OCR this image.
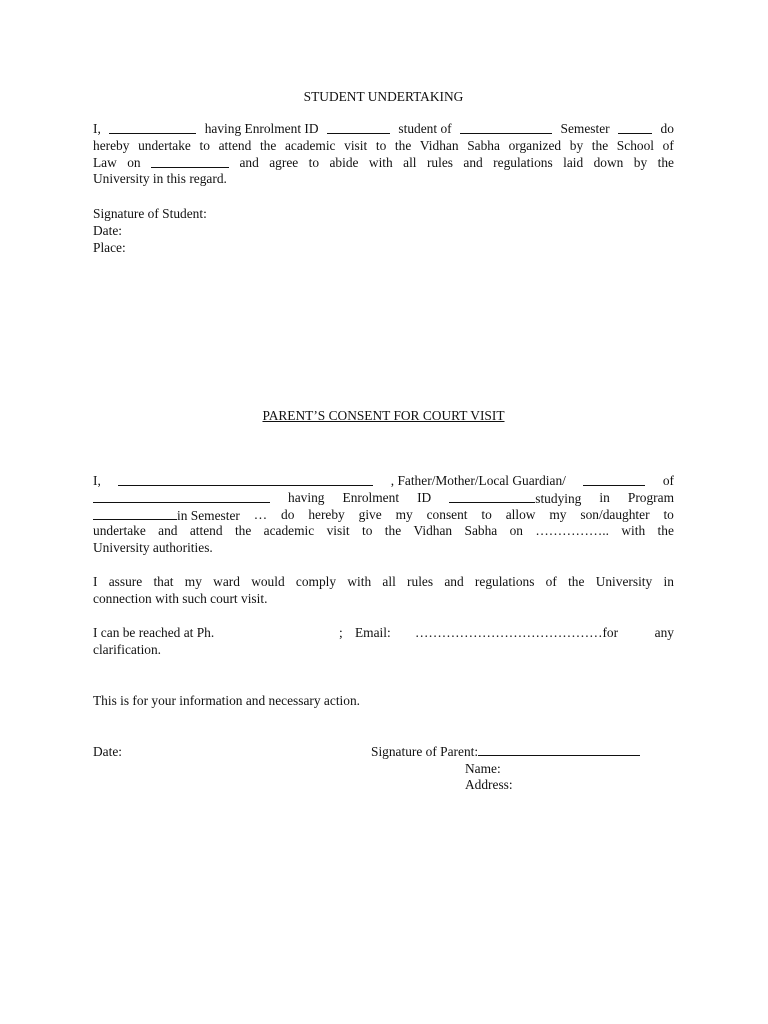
STUDENT UNDERTAKING
I,	having Enrolment ID	student of	Semester	do
hereby undertake to attend the academic visit to the Vidhan Sabha organized by the School of
Law on	and agree to abide with all rules and regulations laid down by the
University in this regard.
Signature of Student:
Date:
Place:
PARENT’S CONSENT FOR COURT VISIT
I,	, Father/Mother/Local Guardian/	of
having Enrolment ID	studying in Program
in Semester … do hereby give my consent to allow my son/daughter to
undertake and attend the academic visit to the Vidhan Sabha on …………….. with the
University authorities.
I assure that my ward would comply with all rules and regulations of the University in
connection with such court visit.
I can be reached at Ph.	; Email: ……………………………………for	any
clarification.
This is for your information and necessary action.
Date:	Signature of Parent:
Name:
Address:
